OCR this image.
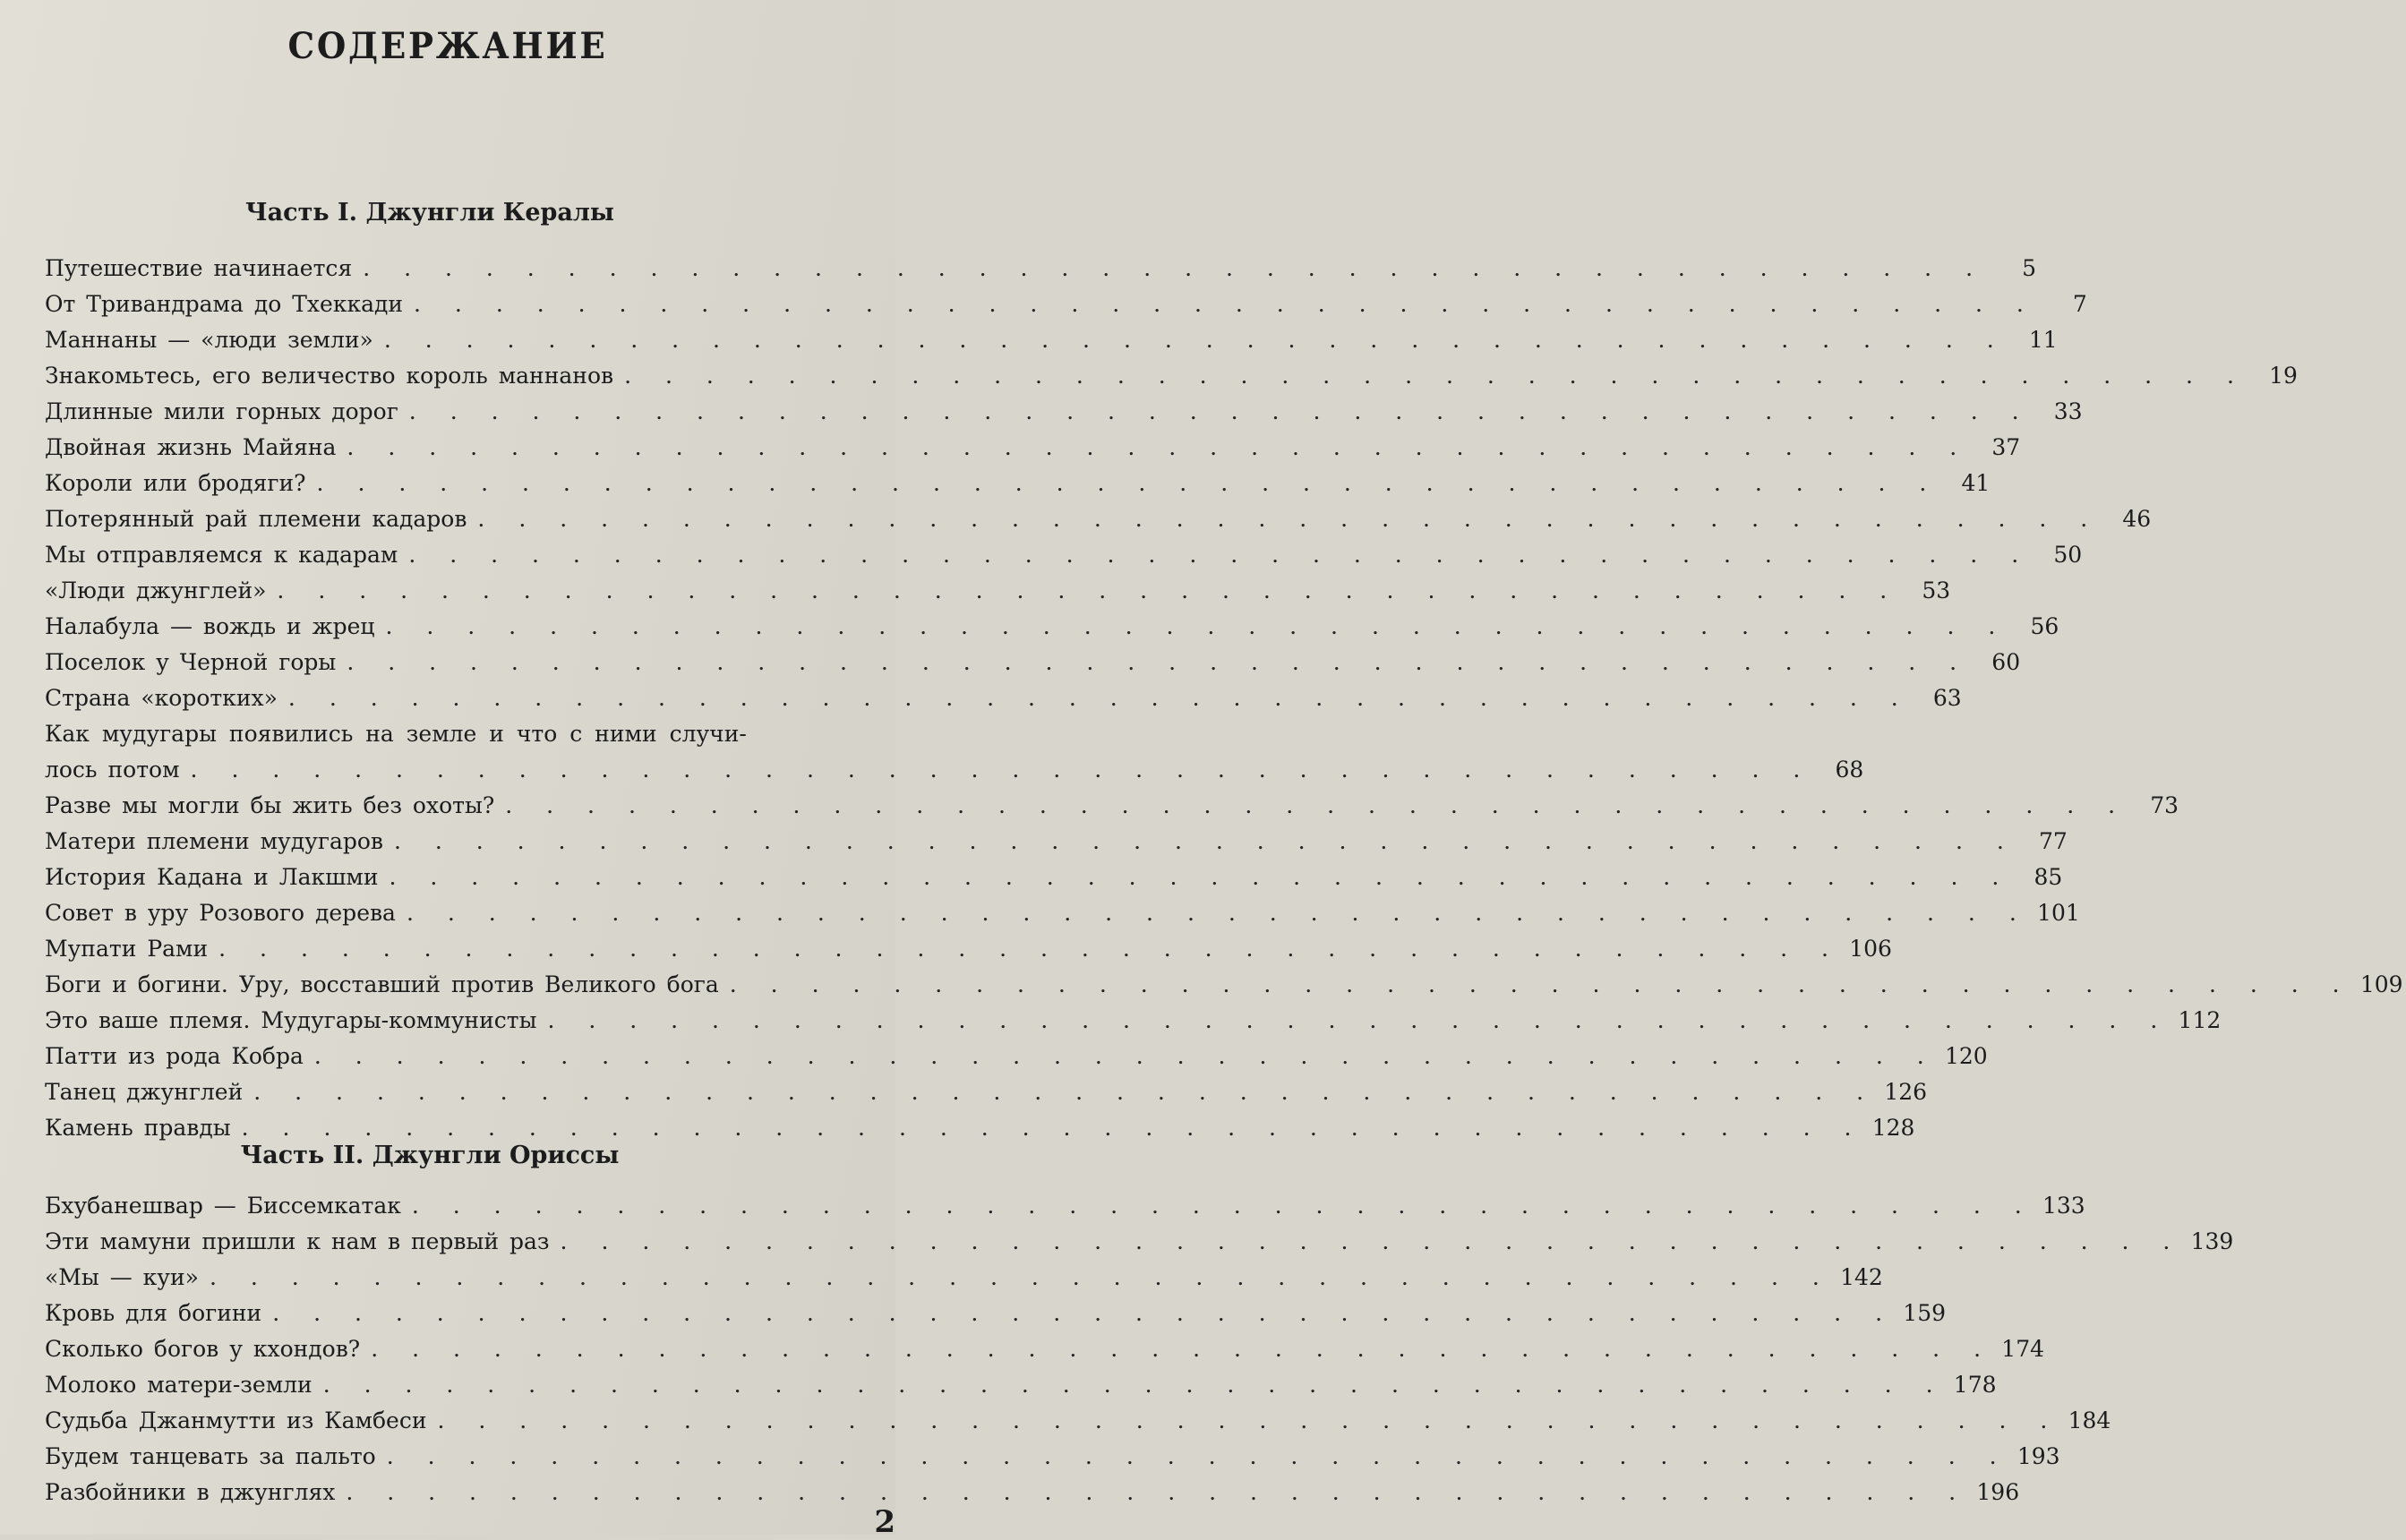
СОДЕРЖАНИЕ
Часть I. Джунгли Кералы
Путешествие начинается . . . . . . . . . . . . . . . . . . . . . . . . . . . . . . . . . . . . . . . .	5
От Тривандрама до Тхеккади . . . . . . . . . . . . . . . . . . . . . . . . . . . . . . . . . . . . . . . .	7
Маннаны — «люди земли» . . . . . . . . . . . . . . . . . . . . . . . . . . . . . . . . . . . . . . . . 11
Знакомьтесь, его величество король маннанов . . . . . . . . . . . . . . . . . . . . . . . . . . . . . . . . . . . . . . . . 19
Длинные мили горных дорог . . . . . . . . . . . . . . . . . . . . . . . . . . . . . . . . . . . . . . . . 33
Двойная жизнь Майяна . . . . . . . . . . . . . . . . . . . . . . . . . . . . . . . . . . . . . . . . 37
Короли или бродяги? . . . . . . . . . . . . . . . . . . . . . . . . . . . . . . . . . . . . . . . . 41
Потерянный рай племени кадаров . . . . . . . . . . . . . . . . . . . . . . . . . . . . . . . . . . . . . . . . 46
Мы отправляемся к кадарам . . . . . . . . . . . . . . . . . . . . . . . . . . . . . . . . . . . . . . . . 50
«Люди джунглей» . . . . . . . . . . . . . . . . . . . . . . . . . . . . . . . . . . . . . . . . 53
Налабула — вождь и жрец . . . . . . . . . . . . . . . . . . . . . . . . . . . . . . . . . . . . . . . . 56
Поселок у Черной горы . . . . . . . . . . . . . . . . . . . . . . . . . . . . . . . . . . . . . . . . 60
Страна «коротких» . . . . . . . . . . . . . . . . . . . . . . . . . . . . . . . . . . . . . . . . 63
Как мудугары появились на земле и что с ними случи-
лось потом . . . . . . . . . . . . . . . . . . . . . . . . . . . . . . . . . . . . . . . . 68
Разве мы могли бы жить без охоты? . . . . . . . . . . . . . . . . . . . . . . . . . . . . . . . . . . . . . . . . 73
Матери племени мудугаров . . . . . . . . . . . . . . . . . . . . . . . . . . . . . . . . . . . . . . . . 77
История Кадана и Лакшми . . . . . . . . . . . . . . . . . . . . . . . . . . . . . . . . . . . . . . . . 85
Совет в уру Розового дерева . . . . . . . . . . . . . . . . . . . . . . . . . . . . . . . . . . . . . . . . 101
Мупати Рами . . . . . . . . . . . . . . . . . . . . . . . . . . . . . . . . . . . . . . . . 106
Боги и богини. Уру, восставший против Великого бога . . . . . . . . . . . . . . . . . . . . . . . . . . . . . . . . . . . . . . . . 109
Это ваше племя. Мудугары-коммунисты . . . . . . . . . . . . . . . . . . . . . . . . . . . . . . . . . . . . . . . . 112
Патти из рода Кобра . . . . . . . . . . . . . . . . . . . . . . . . . . . . . . . . . . . . . . . . 120
Танец джунглей . . . . . . . . . . . . . . . . . . . . . . . . . . . . . . . . . . . . . . . . 126
Камень правды . . . . . . . . . . . . . . . . . . . . . . . . . . . . . . . . . . . . . . . . 128
Часть II. Джунгли Ориссы
Бхубанешвар — Биссемкатак . . . . . . . . . . . . . . . . . . . . . . . . . . . . . . . . . . . . . . . . 133
Эти мамуни пришли к нам в первый раз . . . . . . . . . . . . . . . . . . . . . . . . . . . . . . . . . . . . . . . . 139
«Мы — куи» . . . . . . . . . . . . . . . . . . . . . . . . . . . . . . . . . . . . . . . . 142
Кровь для богини . . . . . . . . . . . . . . . . . . . . . . . . . . . . . . . . . . . . . . . . 159
Сколько богов у кхондов? . . . . . . . . . . . . . . . . . . . . . . . . . . . . . . . . . . . . . . . . 174
Молоко матери-земли . . . . . . . . . . . . . . . . . . . . . . . . . . . . . . . . . . . . . . . . 178
Судьба Джанмутти из Камбеси . . . . . . . . . . . . . . . . . . . . . . . . . . . . . . . . . . . . . . . . 184
Будем танцевать за пальто . . . . . . . . . . . . . . . . . . . . . . . . . . . . . . . . . . . . . . . . 193
Разбойники в джунглях . . . . . . . . . . . . . . . . . . . . . . . . . . . . . . . . . . . . . . . . 196
2
